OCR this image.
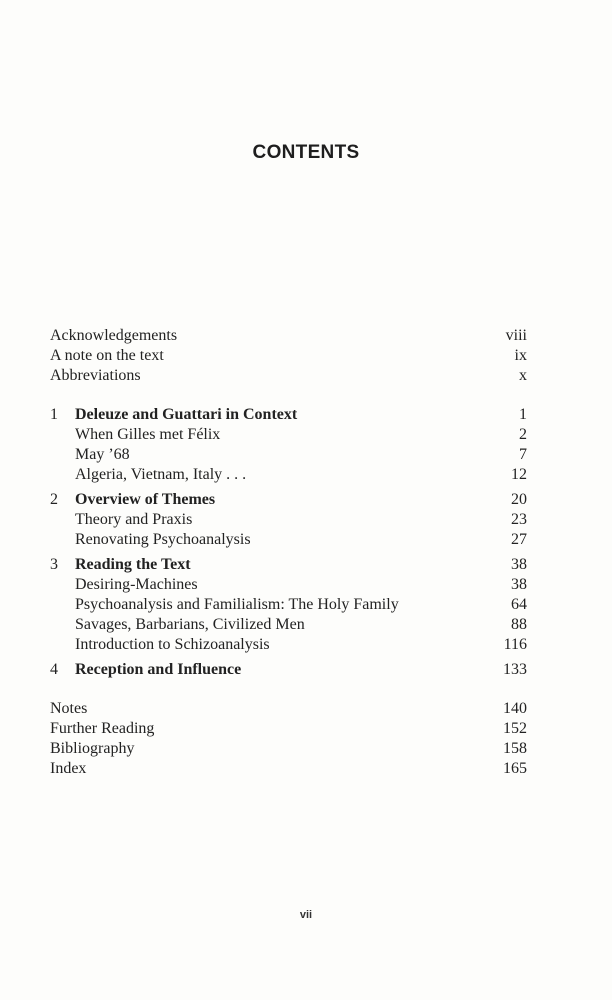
CONTENTS
Acknowledgements	viii
A note on the text	ix
Abbreviations	x
1 Deleuze and Guattari in Context	1
When Gilles met Félix	2
May ’68	7
Algeria, Vietnam, Italy . . .	12
2 Overview of Themes	20
Theory and Praxis	23
Renovating Psychoanalysis	27
3 Reading the Text	38
Desiring-Machines	38
Psychoanalysis and Familialism: The Holy Family	64
Savages, Barbarians, Civilized Men	88
Introduction to Schizoanalysis	116
4 Reception and Influence	133
Notes	140
Further Reading	152
Bibliography	158
Index	165
vii
